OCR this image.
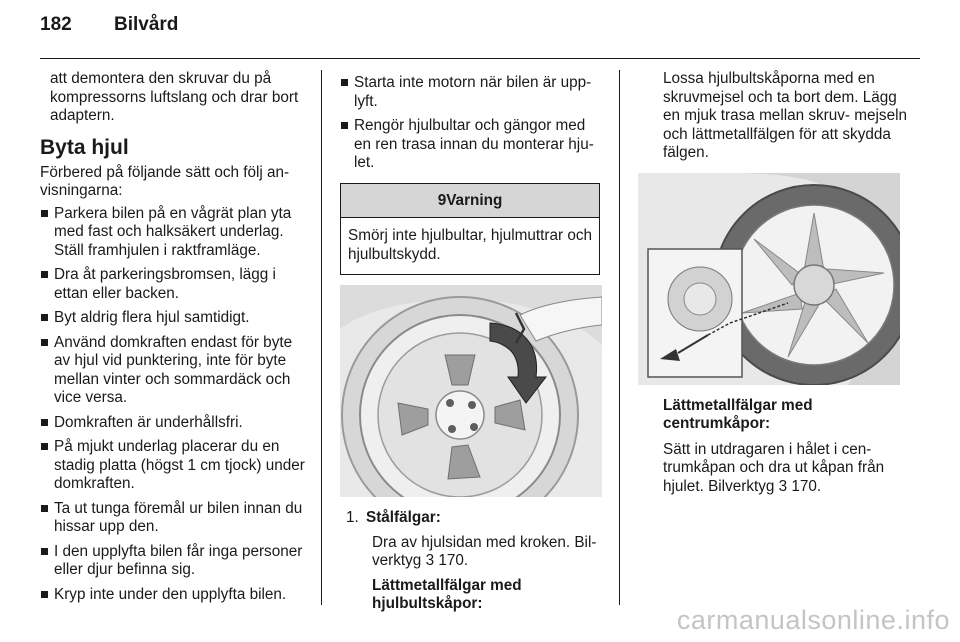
182 Bilvård

att demontera den skruvar du på kompressorns luftslang och drar bort adaptern.

Byta hjul

Förbered på följande sätt och följ an- visningarna:

Parkera bilen på en vågrät plan yta med fast och halksäkert underlag. Ställ framhjulen i raktframläge.
Dra åt parkeringsbromsen, lägg i ettan eller backen.
Byt aldrig flera hjul samtidigt.
Använd domkraften endast för byte av hjul vid punktering, inte för byte mellan vinter och sommardäck och vice versa.
Domkraften är underhållsfri.
På mjukt underlag placerar du en stadig platta (högst 1 cm tjock) under domkraften.
Ta ut tunga föremål ur bilen innan du hissar upp den.
I den upplyfta bilen får inga personer eller djur befinna sig.
Kryp inte under den upplyfta bilen.
Starta inte motorn när bilen är upp- lyft.
Rengör hjulbultar och gängor med en ren trasa innan du monterar hju- let.
9Varning
Smörj inte hjulbultar, hjulmuttrar och hjulbultskydd.
1. Stålfälgar:

Dra av hjulsidan med kroken. Bil- verktyg 3 170.

Lättmetallfälgar med hjulbultskåpor:

Lossa hjulbultskåporna med en skruvmejsel och ta bort dem. Lägg en mjuk trasa mellan skruv- mejseln och lättmetallfälgen för att skydda fälgen.

Lättmetallfälgar med centrumkåpor:

Sätt in utdragaren i hålet i cen- trumkåpan och dra ut kåpan från hjulet. Bilverktyg 3 170.

carmanualsonline.info
